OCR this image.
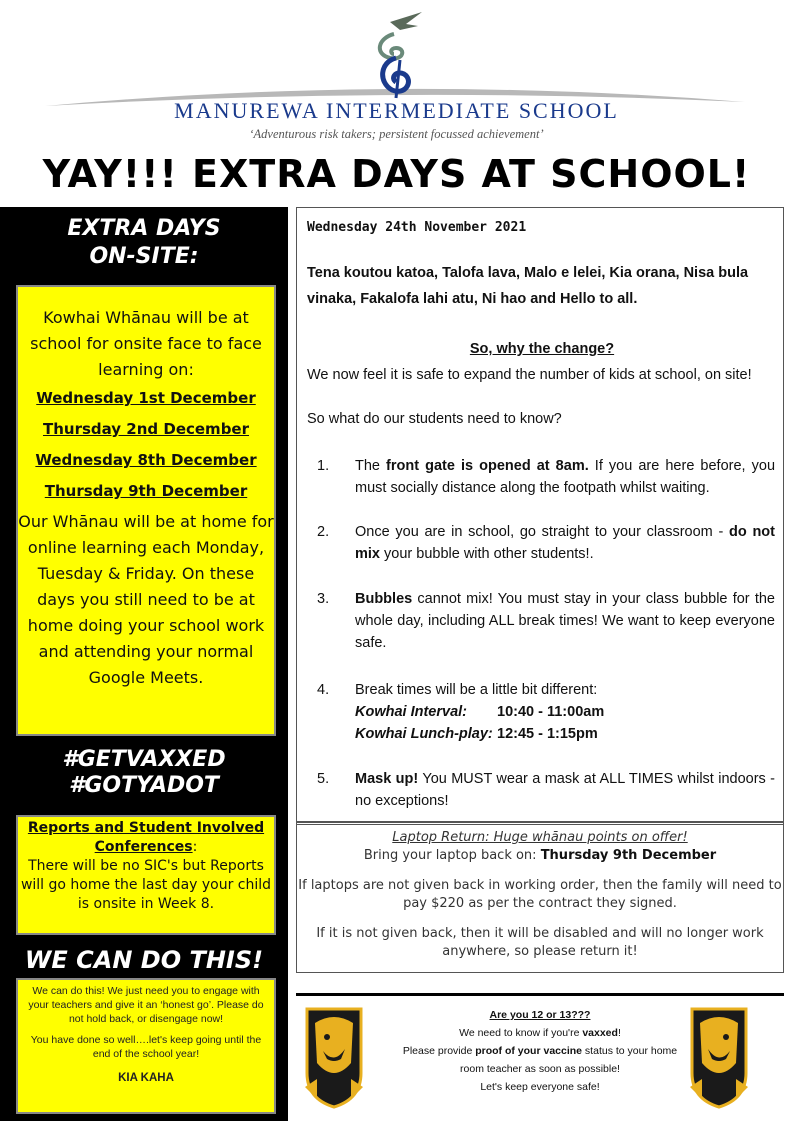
MANUREWA INTERMEDIATE SCHOOL
‘Adventurous risk takers; persistent focussed achievement’
YAY!!! EXTRA DAYS AT SCHOOL!
EXTRA DAYS
ON-SITE:

Kowhai Whānau will be at school for onsite face to face learning on:

Wednesday 1st December

Thursday 2nd December

Wednesday 8th December

Thursday 9th December

Our Whānau will be at home for online learning each Monday, Tuesday & Friday. On these days you still need to be at home doing your school work and attending your normal Google Meets.

#GETVAXXED
#GOTYADOT

Reports and Student Involved Conferences:

There will be no SIC's but Reports will go home the last day your child is onsite in Week 8.

WE CAN DO THIS!

We can do this! We just need you to engage with your teachers and give it an ‘honest go’. Please do not hold back, or disengage now!

You have done so well….let's keep going until the end of the school year!

KIA KAHA

Wednesday 24th November 2021
Tena koutou katoa, Talofa lava, Malo e lelei, Kia orana, Nisa bula vinaka, Fakalofa lahi atu, Ni hao and Hello to all.
So, why the change?
We now feel it is safe to expand the number of kids at school, on site!
So what do our students need to know?
1. The front gate is opened at 8am. If you are here before, you must socially distance along the footpath whilst waiting.
2. Once you are in school, go straight to your classroom - do not mix your bubble with other students!.
3. Bubbles cannot mix! You must stay in your class bubble for the whole day, including ALL break times! We want to keep everyone safe.
4. Break times will be a little bit different:
Kowhai Interval: 10:40 - 11:00am
Kowhai Lunch-play: 12:45 - 1:15pm
5. Mask up! You MUST wear a mask at ALL TIMES whilst indoors - no exceptions!

Laptop Return: Huge whānau points on offer!

Bring your laptop back on: Thursday 9th December

If laptops are not given back in working order, then the family will need to pay $220 as per the contract they signed.

If it is not given back, then it will be disabled and will no longer work anywhere, so please return it!

Are you 12 or 13???

We need to know if you're vaxxed!

Please provide proof of your vaccine status to your home room teacher as soon as possible!

Let's keep everyone safe!
